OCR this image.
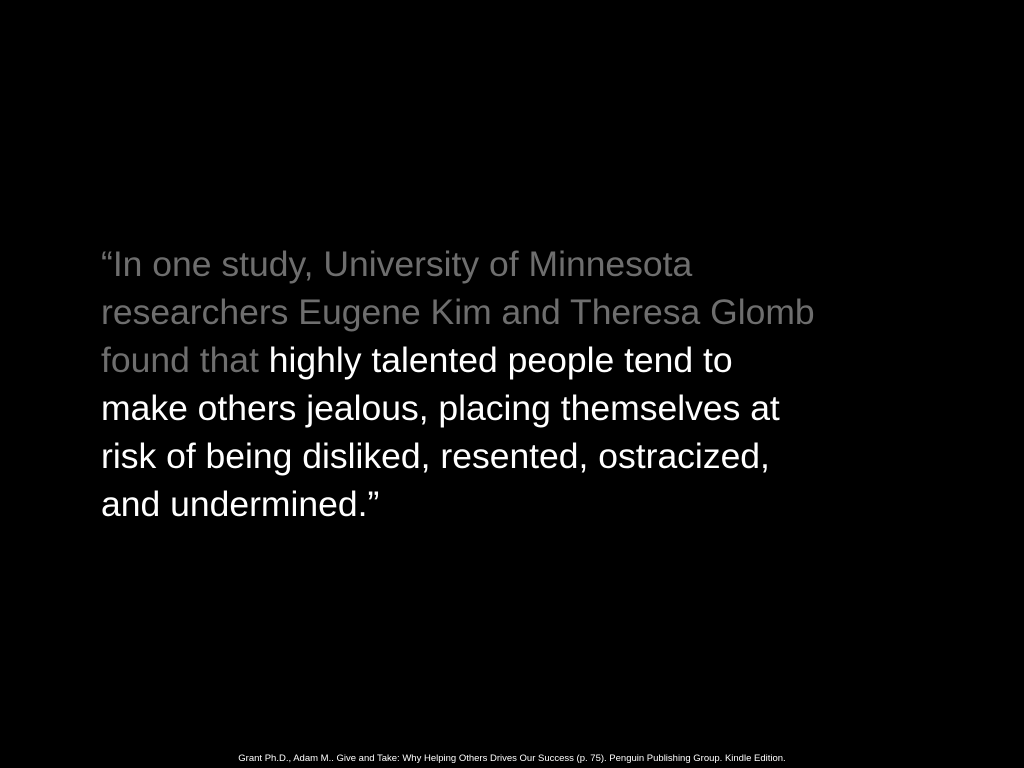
“In one study, University of Minnesota
researchers Eugene Kim and Theresa Glomb
found that highly talented people tend to
make others jealous, placing themselves at
risk of being disliked, resented, ostracized,
and undermined.”

Grant Ph.D., Adam M.. Give and Take: Why Helping Others Drives Our Success (p. 75). Penguin Publishing Group. Kindle Edition.
